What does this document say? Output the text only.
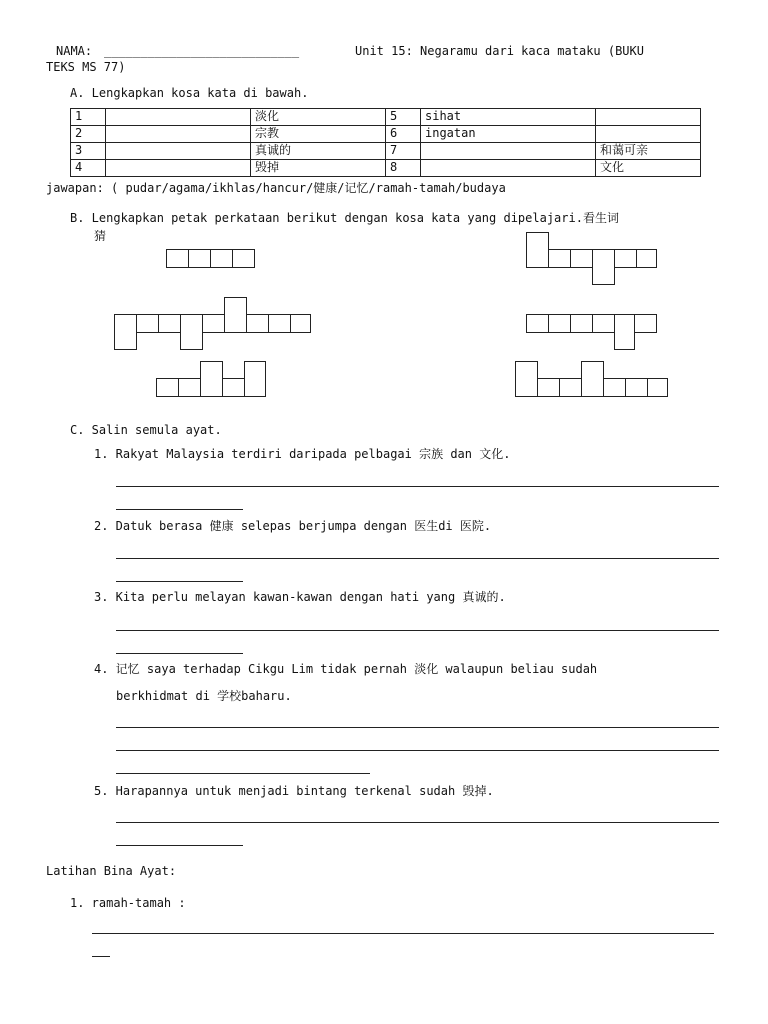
NAMA: ___________________________	Unit 15: Negaramu dari kaca mataku (BUKU
TEKS MS 77)
A. Lengkapkan kosa kata di bawah.
1		淡化	5	sihat	
2		宗教	6	ingatan	
3		真诚的	7		和蔼可亲
4		毁掉	8		文化
jawapan: ( pudar/agama/ikhlas/hancur/健康/记忆/ramah-tamah/budaya
B. Lengkapkan petak perkataan berikut dengan kosa kata yang dipelajari.看生词
猜
C. Salin semula ayat.
1. Rakyat Malaysia terdiri daripada pelbagai 宗族 dan 文化.
2. Datuk berasa 健康 selepas berjumpa dengan 医生di 医院.
3. Kita perlu melayan kawan-kawan dengan hati yang 真诚的.
4. 记忆 saya terhadap Cikgu Lim tidak pernah 淡化 walaupun beliau sudah
berkhidmat di 学校baharu.
5. Harapannya untuk menjadi bintang terkenal sudah 毁掉.
Latihan Bina Ayat:
1. ramah-tamah :
